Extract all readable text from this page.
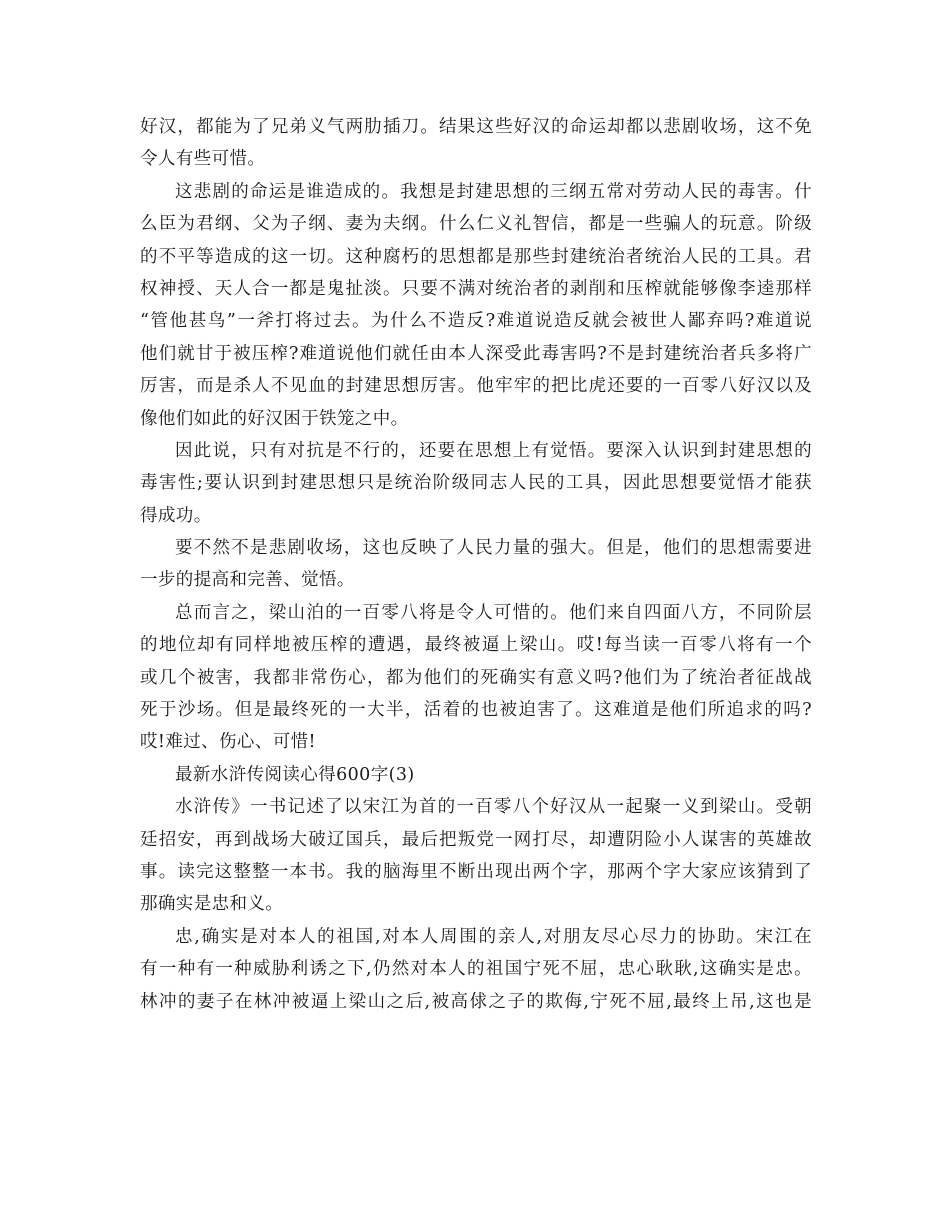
好汉，都能为了兄弟义气两肋插刀。结果这些好汉的命运却都以悲剧收场，这不免
令人有些可惜。
这悲剧的命运是谁造成的。我想是封建思想的三纲五常对劳动人民的毒害。什
么臣为君纲、父为子纲、妻为夫纲。什么仁义礼智信，都是一些骗人的玩意。阶级
的不平等造成的这一切。这种腐朽的思想都是那些封建统治者统治人民的工具。君
权神授、天人合一都是鬼扯淡。只要不满对统治者的剥削和压榨就能够像李逵那样
“管他甚鸟”一斧打将过去。为什么不造反?难道说造反就会被世人鄙弃吗?难道说
他们就甘于被压榨?难道说他们就任由本人深受此毒害吗?不是封建统治者兵多将广
厉害，而是杀人不见血的封建思想厉害。他牢牢的把比虎还要的一百零八好汉以及
像他们如此的好汉困于铁笼之中。
因此说，只有对抗是不行的，还要在思想上有觉悟。要深入认识到封建思想的
毒害性;要认识到封建思想只是统治阶级同志人民的工具，因此思想要觉悟才能获
得成功。
要不然不是悲剧收场，这也反映了人民力量的强大。但是，他们的思想需要进
一步的提高和完善、觉悟。
总而言之，梁山泊的一百零八将是令人可惜的。他们来自四面八方，不同阶层
的地位却有同样地被压榨的遭遇，最终被逼上梁山。哎!每当读一百零八将有一个
或几个被害，我都非常伤心，都为他们的死确实有意义吗?他们为了统治者征战战
死于沙场。但是最终死的一大半，活着的也被迫害了。这难道是他们所追求的吗?
哎!难过、伤心、可惜!
最新水浒传阅读心得600字(3)
水浒传》一书记述了以宋江为首的一百零八个好汉从一起聚一义到梁山。受朝
廷招安，再到战场大破辽国兵，最后把叛党一网打尽，却遭阴险小人谋害的英雄故
事。读完这整整一本书。我的脑海里不断出现出两个字，那两个字大家应该猜到了
那确实是忠和义。
忠,确实是对本人的祖国,对本人周围的亲人,对朋友尽心尽力的协助。宋江在
有一种有一种威胁利诱之下,仍然对本人的祖国宁死不屈，忠心耿耿,这确实是忠。
林冲的妻子在林冲被逼上梁山之后,被高俅之子的欺侮,宁死不屈,最终上吊,这也是
